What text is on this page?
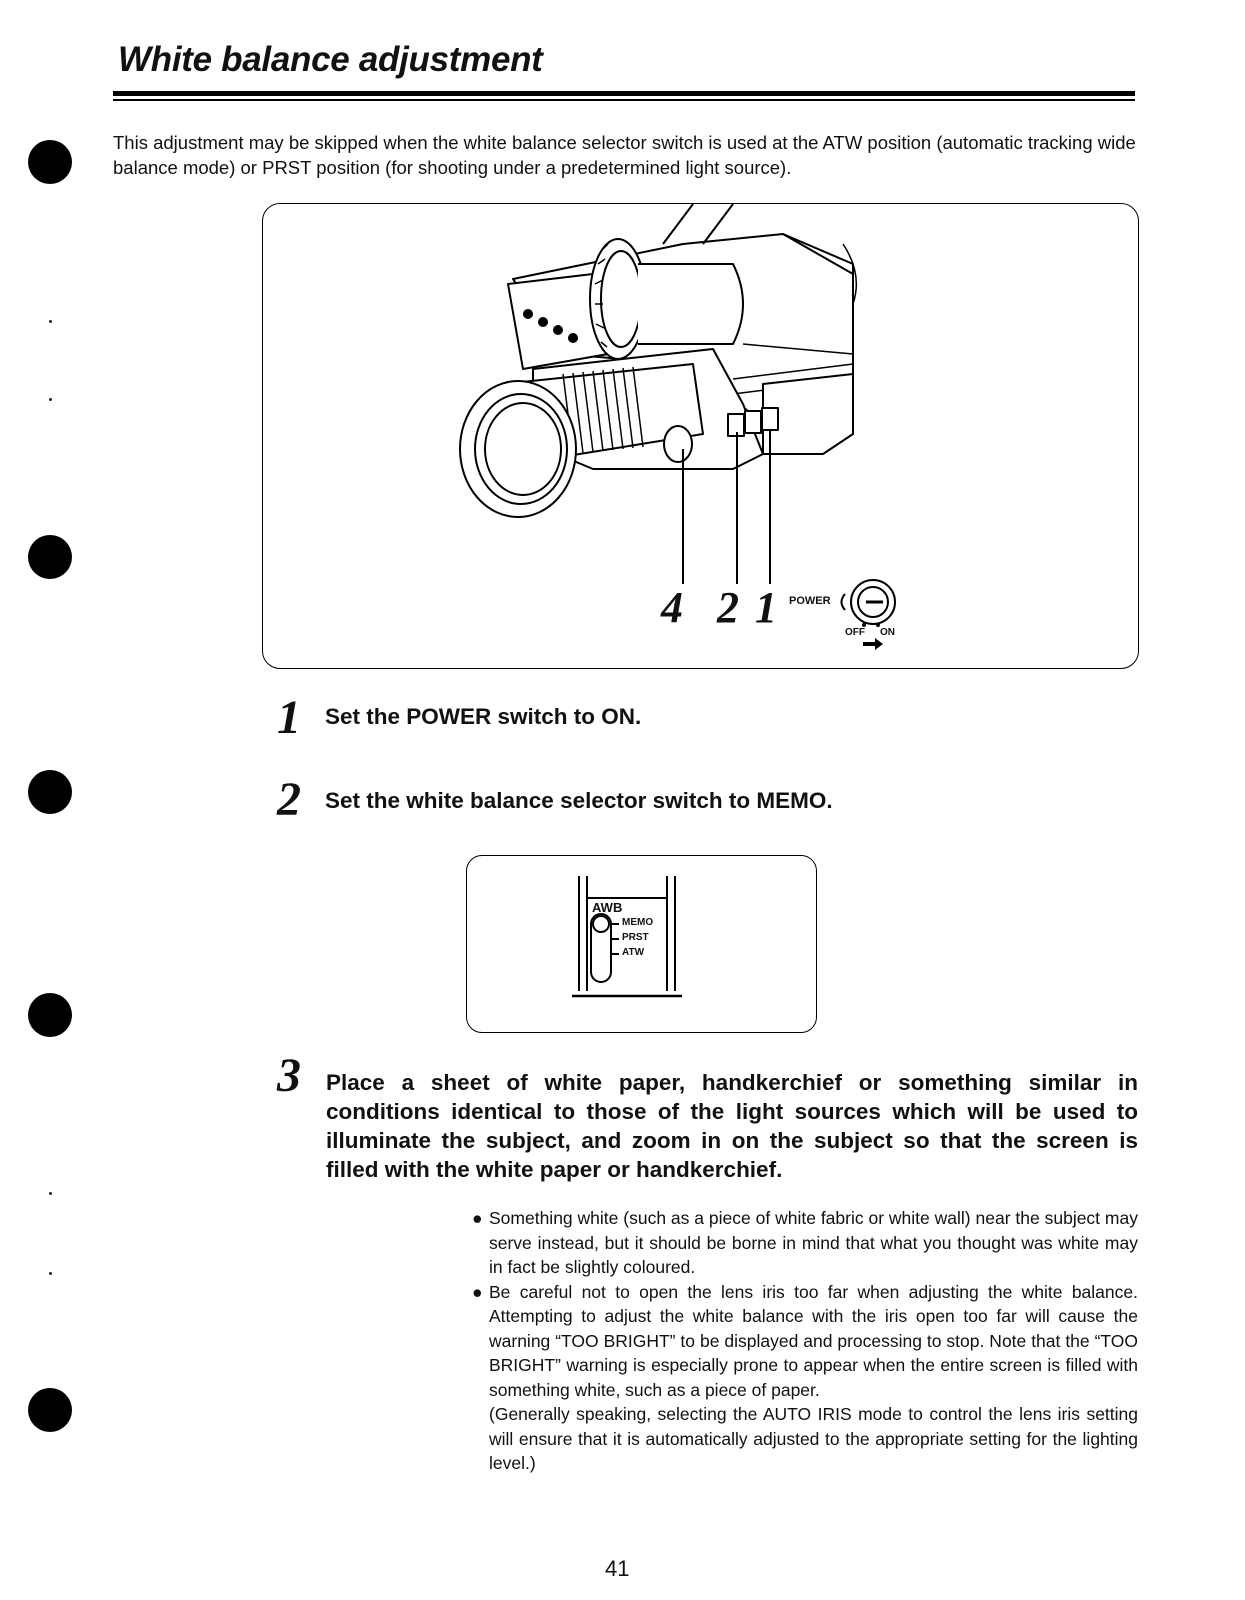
White balance adjustment
This adjustment may be skipped when the white balance selector switch is used at the ATW position (automatic tracking wide balance mode) or PRST position (for shooting under a predetermined light source).
4 2 1 POWER
OFF ON
1 Set the POWER switch to ON.
2 Set the white balance selector switch to MEMO.
AWB
MEMO
PRST
ATW
3 Place a sheet of white paper, handkerchief or something similar in conditions identical to those of the light sources which will be used to illuminate the subject, and zoom in on the subject so that the screen is filled with the white paper or handkerchief.
● Something white (such as a piece of white fabric or white wall) near the subject may serve instead, but it should be borne in mind that what you thought was white may in fact be slightly coloured.
● Be careful not to open the lens iris too far when adjusting the white balance. Attempting to adjust the white balance with the iris open too far will cause the warning “TOO BRIGHT” to be displayed and processing to stop. Note that the “TOO BRIGHT” warning is especially prone to appear when the entire screen is filled with something white, such as a piece of paper.
(Generally speaking, selecting the AUTO IRIS mode to control the lens iris setting will ensure that it is automatically adjusted to the appropriate setting for the lighting level.)
41
